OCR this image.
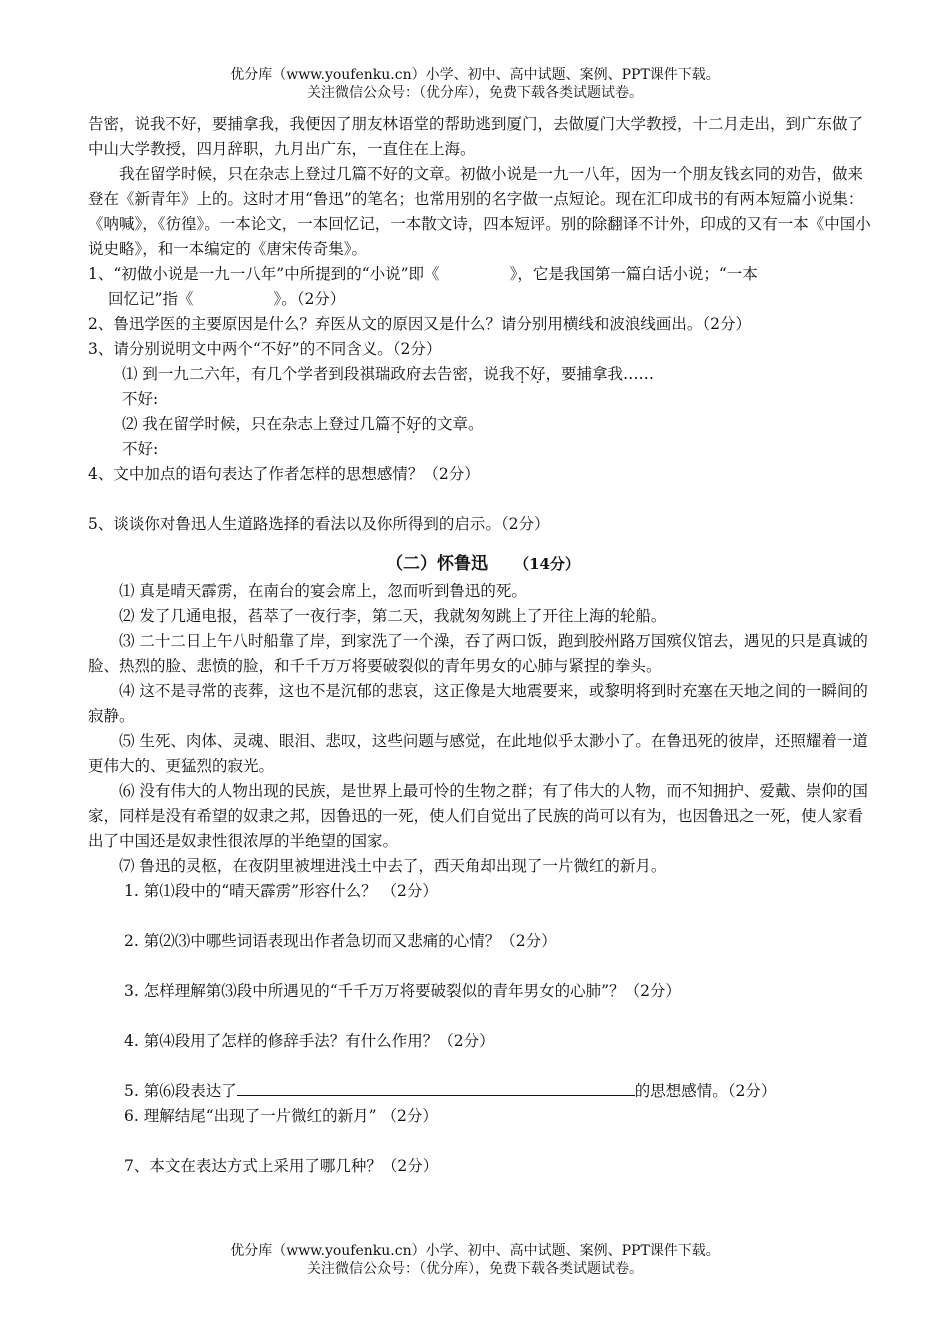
优分库（www.youfenku.cn）小学、初中、高中试题、案例、PPT课件下载。
关注微信公众号：（优分库），免费下载各类试题试卷。
告密，说我不好，要捕拿我，我便因了朋友林语堂的帮助逃到厦门，去做厦门大学教授，十二月走出，到广东做了中山大学教授，四月辞职，九月出广东，一直住在上海。
我在留学时候，只在杂志上登过几篇不好的文章。初做小说是一九一八年，因为一个朋友钱玄同的劝告，做来登在《新青年》上的。这时才用“鲁迅”的笔名；也常用别的名字做一点短论。现在汇印成书的有两本短篇小说集：《呐喊》，《彷徨》。一本论文，一本回忆记，一本散文诗，四本短评。别的除翻译不计外，印成的又有一本《中国小说史略》，和一本编定的《唐宋传奇集》。
1、“初做小说是一九一八年”中所提到的“小说”即《	》，它是我国第一篇白话小说；“一本
回忆记”指《	》。（2分）
2、鲁迅学医的主要原因是什么？弃医从文的原因又是什么？请分别用横线和波浪线画出。（2分）
3、请分别说明文中两个“不好”的不同含义。（2分）
⑴ 到一九二六年，有几个学者到段祺瑞政府去告密，说我不好，要捕拿我……
不好:
⑵ 我在留学时候，只在杂志上登过几篇不好的文章。
不好:
4、文中加点的语句表达了作者怎样的思想感情？（2分）
5、谈谈你对鲁迅人生道路选择的看法以及你所得到的启示。（2分）
（二）怀鲁迅 （14分）
⑴ 真是晴天霹雳，在南台的宴会席上，忽而听到鲁迅的死。
⑵ 发了几通电报，萏萃了一夜行李，第二天，我就匆匆跳上了开往上海的轮船。
⑶ 二十二日上午八时船靠了岸，到家洗了一个澡，吞了两口饭，跑到胶州路万国殡仪馆去，遇见的只是真诚的脸、热烈的脸、悲愤的脸，和千千万万将要破裂似的青年男女的心肺与紧捏的拳头。
⑷ 这不是寻常的丧葬，这也不是沉郁的悲哀，这正像是大地震要来，或黎明将到时充塞在天地之间的一瞬间的寂静。
⑸ 生死、肉体、灵魂、眼泪、悲叹，这些问题与感觉，在此地似乎太渺小了。在鲁迅死的彼岸，还照耀着一道更伟大的、更猛烈的寂光。
⑹ 没有伟大的人物出现的民族，是世界上最可怜的生物之群；有了伟大的人物，而不知拥护、爱戴、崇仰的国家，同样是没有希望的奴隶之邦，因鲁迅的一死，使人们自觉出了民族的尚可以有为，也因鲁迅之一死，使人家看出了中国还是奴隶性很浓厚的半绝望的国家。
⑺ 鲁迅的灵柩，在夜阴里被埋进浅土中去了，西天角却出现了一片微红的新月。
1. 第⑴段中的“晴天霹雳”形容什么？ （2分）
2. 第⑵⑶中哪些词语表现出作者急切而又悲痛的心情？（2分）
3. 怎样理解第⑶段中所遇见的“千千万万将要破裂似的青年男女的心肺”？（2分）
4. 第⑷段用了怎样的修辞手法？有什么作用？（2分）
5. 第⑹段表达了	的思想感情。（2分）
6. 理解结尾“出现了一片微红的新月” （2分）
7、本文在表达方式上采用了哪几种？（2分）
优分库（www.youfenku.cn）小学、初中、高中试题、案例、PPT课件下载。
关注微信公众号：（优分库），免费下载各类试题试卷。
